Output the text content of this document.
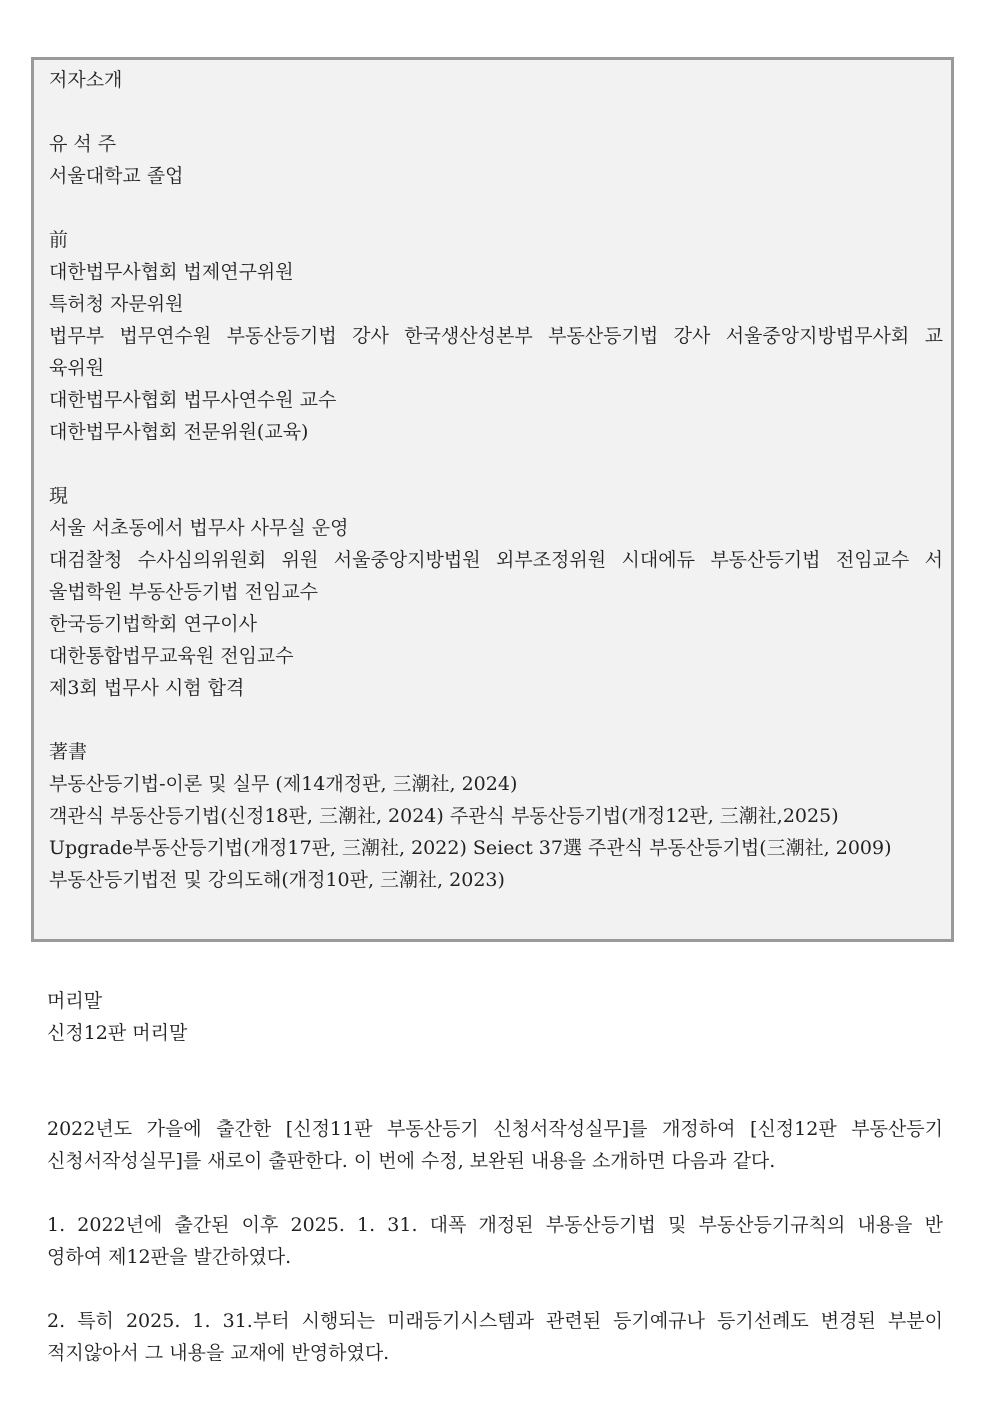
저자소개
유 석 주
서울대학교 졸업
前
대한법무사협회 법제연구위원
특허청 자문위원
법무부 법무연수원 부동산등기법 강사 한국생산성본부 부동산등기법 강사 서울중앙지방법무사회 교
육위원
대한법무사협회 법무사연수원 교수
대한법무사협회 전문위원(교육)
現
서울 서초동에서 법무사 사무실 운영
대검찰청 수사심의위원회 위원 서울중앙지방법원 외부조정위원 시대에듀 부동산등기법 전임교수 서
울법학원 부동산등기법 전임교수
한국등기법학회 연구이사
대한통합법무교육원 전임교수
제3회 법무사 시험 합격
著書
부동산등기법-이론 및 실무 (제14개정판, 三潮社, 2024)
객관식 부동산등기법(신정18판, 三潮社, 2024) 주관식 부동산등기법(개정12판, 三潮社,2025)
Upgrade부동산등기법(개정17판, 三潮社, 2022) Seiect 37選 주관식 부동산등기법(三潮社, 2009)
부동산등기법전 및 강의도해(개정10판, 三潮社, 2023)
머리말
신정12판 머리말
2022년도 가을에 출간한 [신정11판 부동산등기 신청서작성실무]를 개정하여 [신정12판 부동산등기
신청서작성실무]를 새로이 출판한다. 이 번에 수정, 보완된 내용을 소개하면 다음과 같다.
1. 2022년에 출간된 이후 2025. 1. 31. 대폭 개정된 부동산등기법 및 부동산등기규칙의 내용을 반
영하여 제12판을 발간하였다.
2. 특히 2025. 1. 31.부터 시행되는 미래등기시스템과 관련된 등기예규나 등기선례도 변경된 부분이
적지않아서 그 내용을 교재에 반영하였다.
